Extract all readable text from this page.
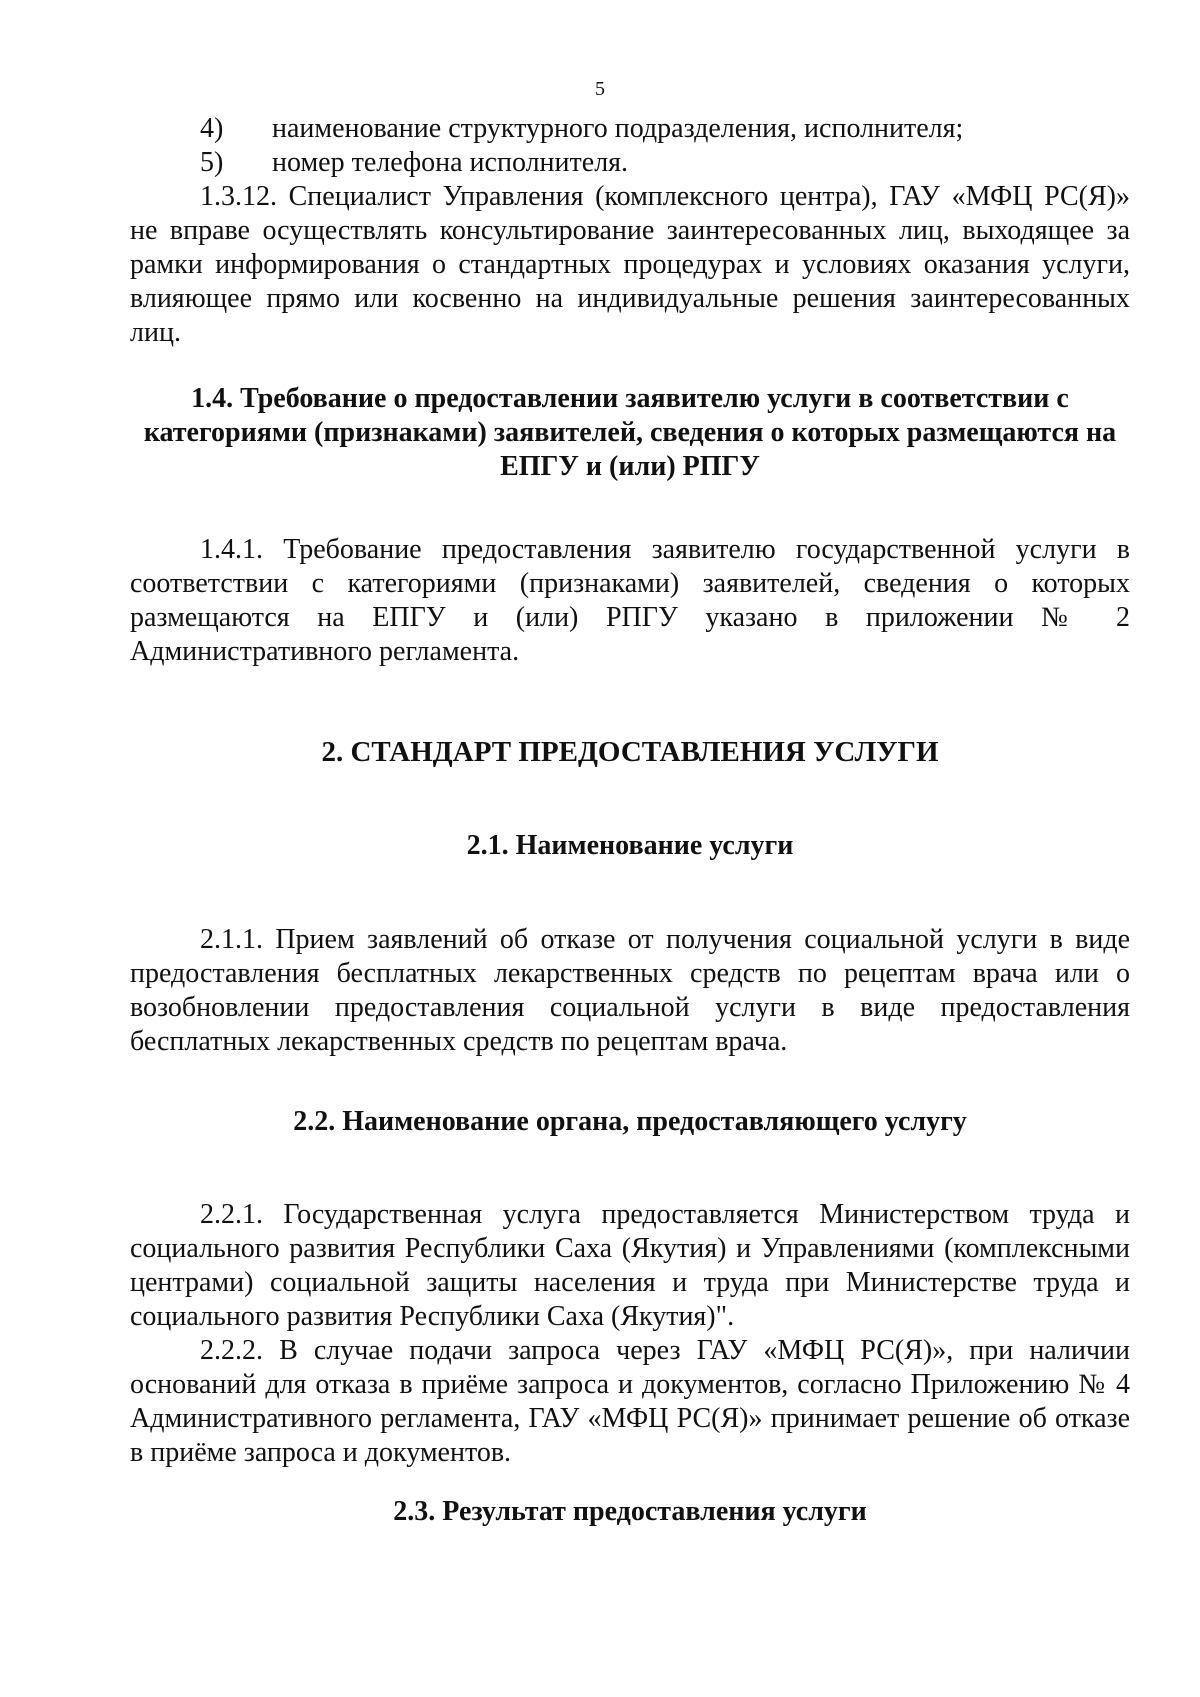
5
4) наименование структурного подразделения, исполнителя;
5) номер телефона исполнителя.

1.3.12. Специалист Управления (комплексного центра), ГАУ «МФЦ РС(Я)» не вправе осуществлять консультирование заинтересованных лиц, выходящее за рамки информирования о стандартных процедурах и условиях оказания услуги, влияющее прямо или косвенно на индивидуальные решения заинтересованных лиц.

1.4. Требование о предоставлении заявителю услуги в соответствии с категориями (признаками) заявителей, сведения о которых размещаются на ЕПГУ и (или) РПГУ

1.4.1. Требование предоставления заявителю государственной услуги в соответствии с категориями (признаками) заявителей, сведения о которых размещаются на ЕПГУ и (или) РПГУ указано в приложении № 2 Административного регламента.

2. СТАНДАРТ ПРЕДОСТАВЛЕНИЯ УСЛУГИ
2.1. Наименование услуги

2.1.1. Прием заявлений об отказе от получения социальной услуги в виде предоставления бесплатных лекарственных средств по рецептам врача или о возобновлении предоставления социальной услуги в виде предоставления бесплатных лекарственных средств по рецептам врача.

2.2. Наименование органа, предоставляющего услугу

2.2.1. Государственная услуга предоставляется Министерством труда и социального развития Республики Саха (Якутия) и Управлениями (комплексными центрами) социальной защиты населения и труда при Министерстве труда и социального развития Республики Саха (Якутия)".

2.2.2. В случае подачи запроса через ГАУ «МФЦ РС(Я)», при наличии оснований для отказа в приёме запроса и документов, согласно Приложению № 4 Административного регламента, ГАУ «МФЦ РС(Я)» принимает решение об отказе в приёме запроса и документов.

2.3. Результат предоставления услуги
